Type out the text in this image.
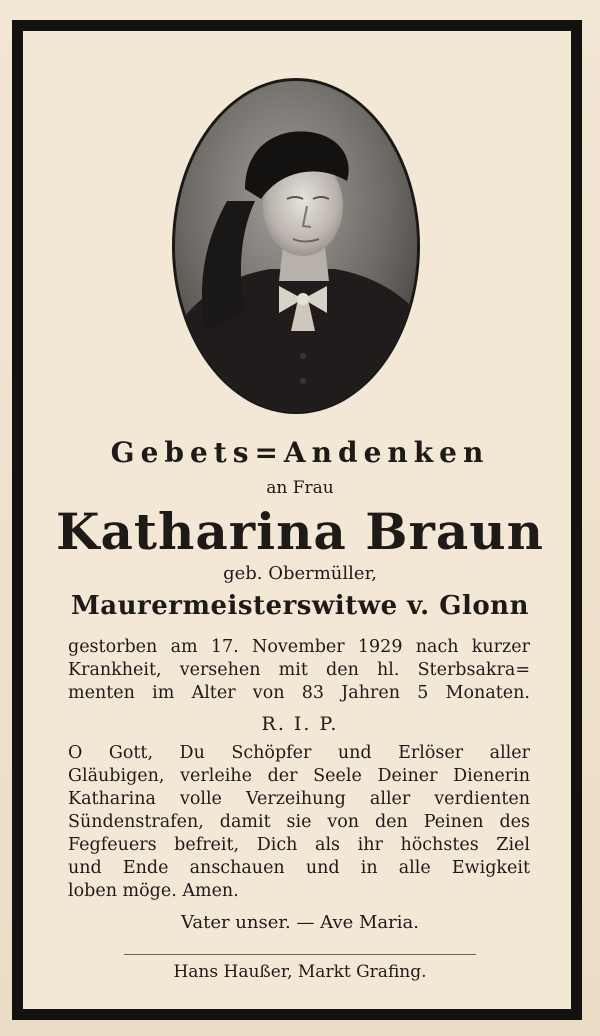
Gebets=Andenken
an Frau
Katharina Braun
geb. Obermüller,
Maurermeisterswitwe v. Glonn
gestorben am 17. November 1929 nach kurzer
Krankheit, versehen mit den hl. Sterbsakra=
menten im Alter von 83 Jahren 5 Monaten.
R. I. P.
O Gott, Du Schöpfer und Erlöser aller
Gläubigen, verleihe der Seele Deiner Dienerin
Katharina volle Verzeihung aller verdienten
Sündenstrafen, damit sie von den Peinen des
Fegfeuers befreit, Dich als ihr höchstes Ziel
und Ende anschauen und in alle Ewigkeit
loben möge. Amen.
Vater unser. — Ave Maria.
Hans Haußer, Markt Grafing.
